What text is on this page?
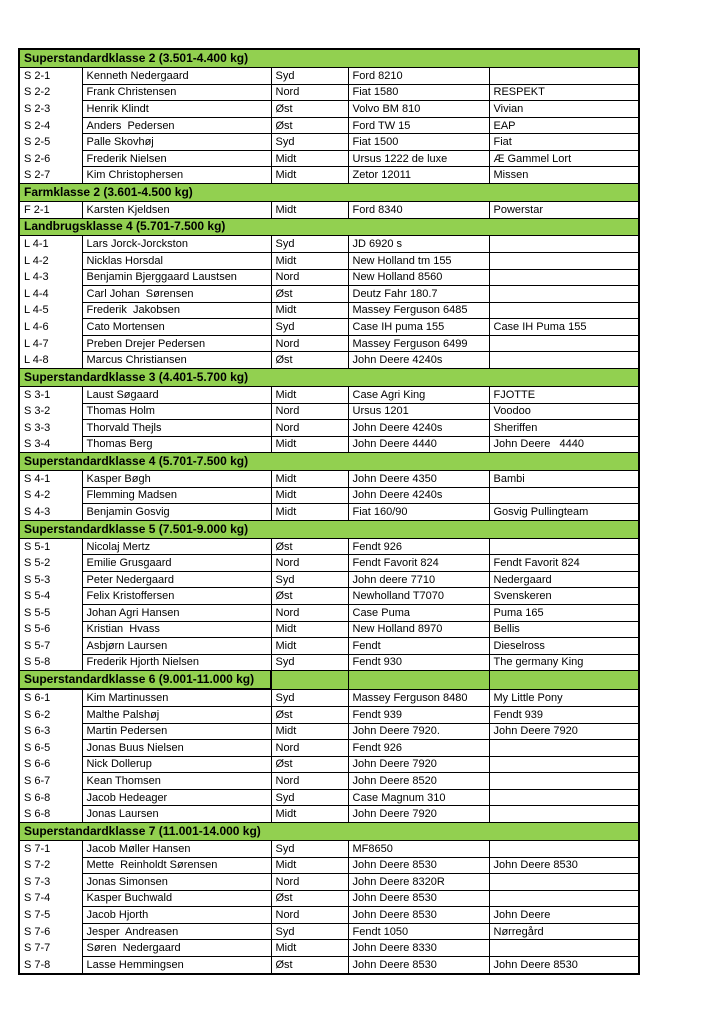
Superstandardklasse 2 (3.501-4.400 kg)				
S 2-1	Kenneth Nedergaard	Syd	Ford 8210	
S 2-2	Frank Christensen	Nord	Fiat 1580	RESPEKT
S 2-3	Henrik Klindt	Øst	Volvo BM 810	Vivian
S 2-4	Anders  Pedersen	Øst	Ford TW 15	EAP
S 2-5	Palle Skovhøj	Syd	Fiat 1500	Fiat
S 2-6	Frederik Nielsen	Midt	Ursus 1222 de luxe	Æ Gammel Lort
S 2-7	Kim Christophersen	Midt	Zetor 12011	Missen
Farmklasse 2 (3.601-4.500 kg)				
F 2-1	Karsten Kjeldsen	Midt	Ford 8340	Powerstar
Landbrugsklasse 4 (5.701-7.500 kg)				
L 4-1	Lars Jorck-Jorckston	Syd	JD 6920 s	
L 4-2	Nicklas Horsdal	Midt	New Holland tm 155	
L 4-3	Benjamin Bjerggaard Laustsen	Nord	New Holland 8560	
L 4-4	Carl Johan  Sørensen	Øst	Deutz Fahr 180.7	
L 4-5	Frederik  Jakobsen	Midt	Massey Ferguson 6485	
L 4-6	Cato Mortensen	Syd	Case IH puma 155	Case IH Puma 155
L 4-7	Preben Drejer Pedersen	Nord	Massey Ferguson 6499	
L 4-8	Marcus Christiansen	Øst	John Deere 4240s	
Superstandardklasse 3 (4.401-5.700 kg)				
S 3-1	Laust Søgaard	Midt	Case Agri King	FJOTTE
S 3-2	Thomas Holm	Nord	Ursus 1201	Voodoo
S 3-3	Thorvald Thejls	Nord	John Deere 4240s	Sheriffen
S 3-4	Thomas Berg	Midt	John Deere 4440	John Deere   4440
Superstandardklasse 4 (5.701-7.500 kg)				
S 4-1	Kasper Bøgh	Midt	John Deere 4350	Bambi
S 4-2	Flemming Madsen	Midt	John Deere 4240s	
S 4-3	Benjamin Gosvig	Midt	Fiat 160/90	Gosvig Pullingteam
Superstandardklasse 5 (7.501-9.000 kg)				
S 5-1	Nicolaj Mertz	Øst	Fendt 926	
S 5-2	Emilie Grusgaard	Nord	Fendt Favorit 824	Fendt Favorit 824
S 5-3	Peter Nedergaard	Syd	John deere 7710	Nedergaard
S 5-4	Felix Kristoffersen	Øst	Newholland T7070	Svenskeren
S 5-5	Johan Agri Hansen	Nord	Case Puma	Puma 165
S 5-6	Kristian  Hvass	Midt	New Holland 8970	Bellis
S 5-7	Asbjørn Laursen	Midt	Fendt	Dieselross
S 5-8	Frederik Hjorth Nielsen	Syd	Fendt 930	The germany King
Superstandardklasse 6 (9.001-11.000 kg)				
S 6-1	Kim Martinussen	Syd	Massey Ferguson 8480	My Little Pony
S 6-2	Malthe Palshøj	Øst	Fendt 939	Fendt 939
S 6-3	Martin Pedersen	Midt	John Deere 7920.	John Deere 7920
S 6-5	Jonas Buus Nielsen	Nord	Fendt 926	
S 6-6	Nick Dollerup	Øst	John Deere 7920	
S 6-7	Kean Thomsen	Nord	John Deere 8520	
S 6-8	Jacob Hedeager	Syd	Case Magnum 310	
S 6-8	Jonas Laursen	Midt	John Deere 7920	
Superstandardklasse 7 (11.001-14.000 kg)				
S 7-1	Jacob Møller Hansen	Syd	MF8650	
S 7-2	Mette  Reinholdt Sørensen	Midt	John Deere 8530	John Deere 8530
S 7-3	Jonas Simonsen	Nord	John Deere 8320R	
S 7-4	Kasper Buchwald	Øst	John Deere 8530	
S 7-5	Jacob Hjorth	Nord	John Deere 8530	John Deere
S 7-6	Jesper  Andreasen	Syd	Fendt 1050	Nørregård
S 7-7	Søren  Nedergaard	Midt	John Deere 8330	
S 7-8	Lasse Hemmingsen	Øst	John Deere 8530	John Deere 8530
